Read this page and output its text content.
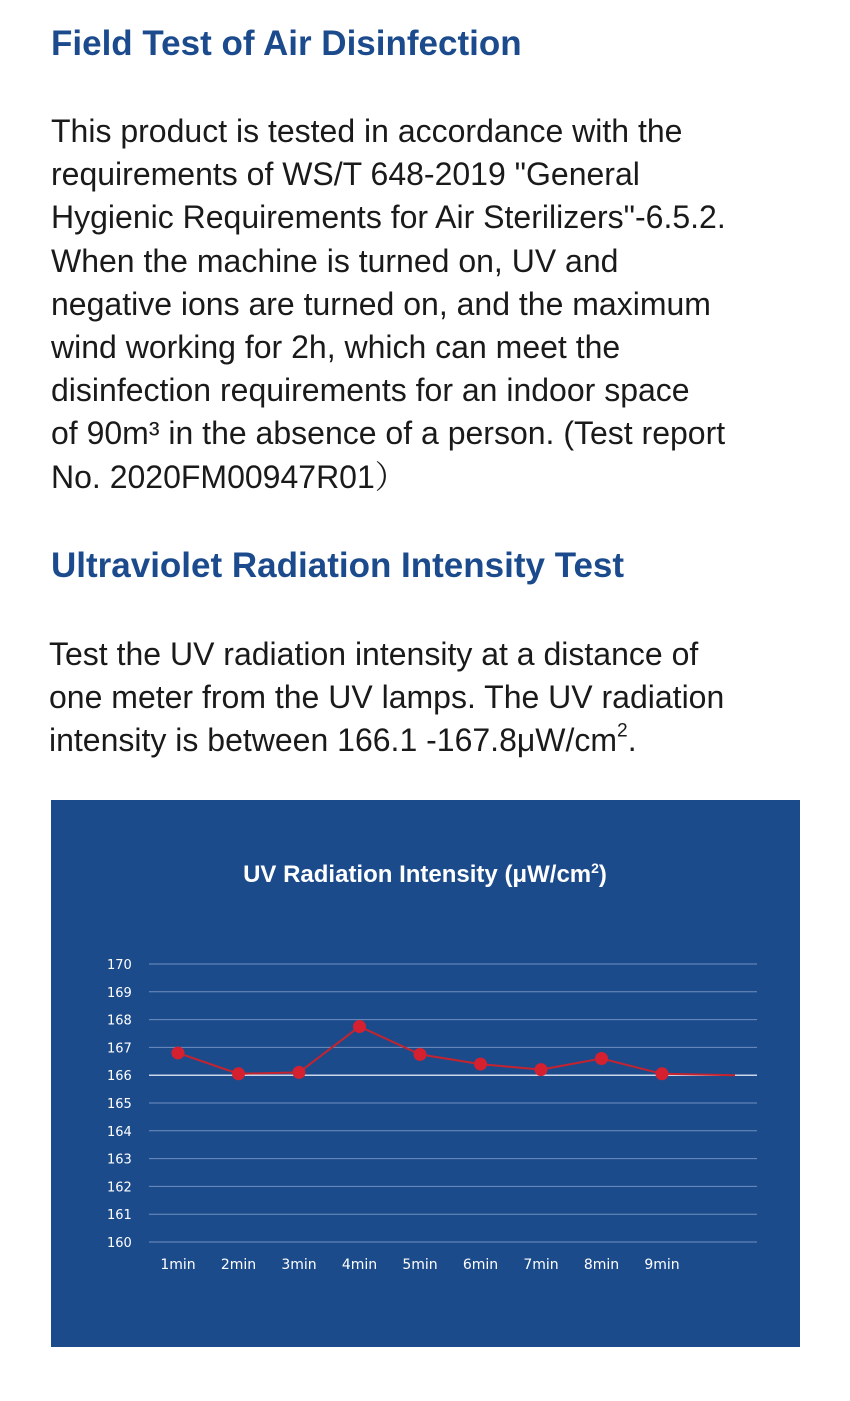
Field Test of Air Disinfection
This product is tested in accordance with the
requirements of WS/T 648-2019 "General
Hygienic Requirements for Air Sterilizers"-6.5.2.
When the machine is turned on, UV and
negative ions are turned on, and the maximum
wind working for 2h, which can meet the
disinfection requirements for an indoor space
of 90m³ in the absence of a person. (Test report
No. 2020FM00947R01）
Ultraviolet Radiation Intensity Test
Test the UV radiation intensity at a distance of
one meter from the UV lamps. The UV radiation
intensity is between 166.1 $-167.8\mu W/cm^2$.
UV Radiation Intensity $(\mu W/cm^2)$
170
169
168
167
166
165
164
163
162
161
160
1min 2min 3min 4min 5min 6min 7min 8min 9min
